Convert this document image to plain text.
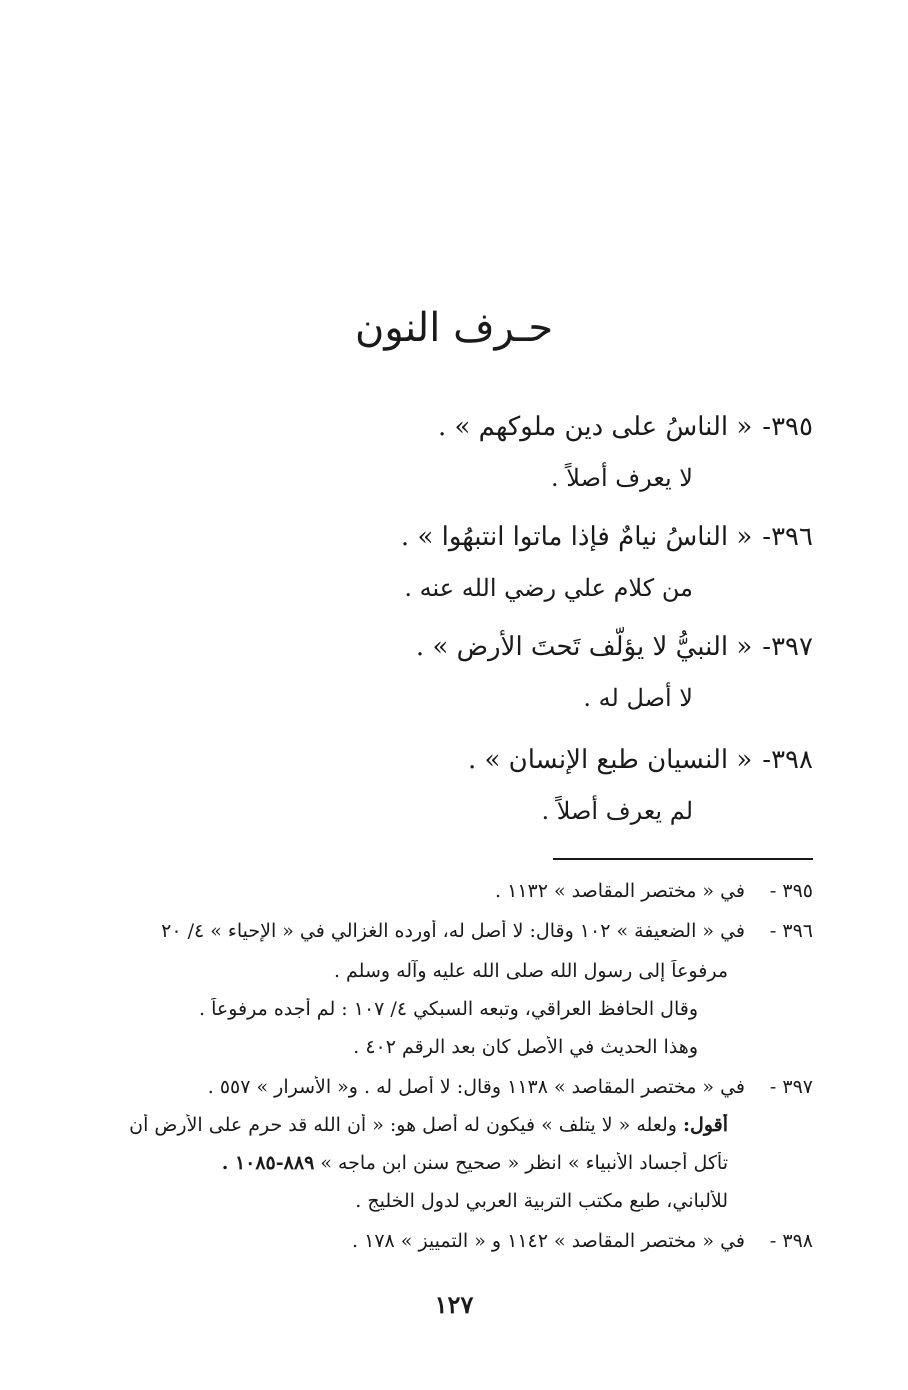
حـرف النون
٣٩٥-« الناسُ على دين ملوكهم » .
لا يعرف أصلاً .
٣٩٦-« الناسُ نيامٌ فإذا ماتوا انتبهُوا » .
من كلام علي رضي الله عنه .
٣٩٧-« النبيُّ لا يؤلّف تَحتَ الأرض » .
لا أصل له .
٣٩٨-« النسيان طبع الإنسان » .
لم يعرف أصلاً .
٣٩٥ -في « مختصر المقاصد » ١١٣٢ .
٣٩٦ -في « الضعيفة » ١٠٢ وقال: لا أصل له، أورده الغزالي في « الإحياء » ٤/ ٢٠
مرفوعاً إلى رسول الله صلى الله عليه وآله وسلم .
وقال الحافظ العراقي، وتبعه السبكي ٤/ ١٠٧ : لم أجده مرفوعاً .
وهذا الحديث في الأصل كان بعد الرقم ٤٠٢ .
٣٩٧ -في « مختصر المقاصد » ١١٣٨ وقال: لا أصل له . و« الأسرار » ٥٥٧ .
أقول: ولعله « لا يتلف » فيكون له أصل هو: « أن الله قد حرم على الأرض أن
تأكل أجساد الأنبياء » انظر « صحيح سنن ابن ماجه » ٨٨٩-١٠٨٥ .
للألباني، طبع مكتب التربية العربي لدول الخليج .
٣٩٨ -في « مختصر المقاصد » ١١٤٢ و « التمييز » ١٧٨ .
١٢٧
